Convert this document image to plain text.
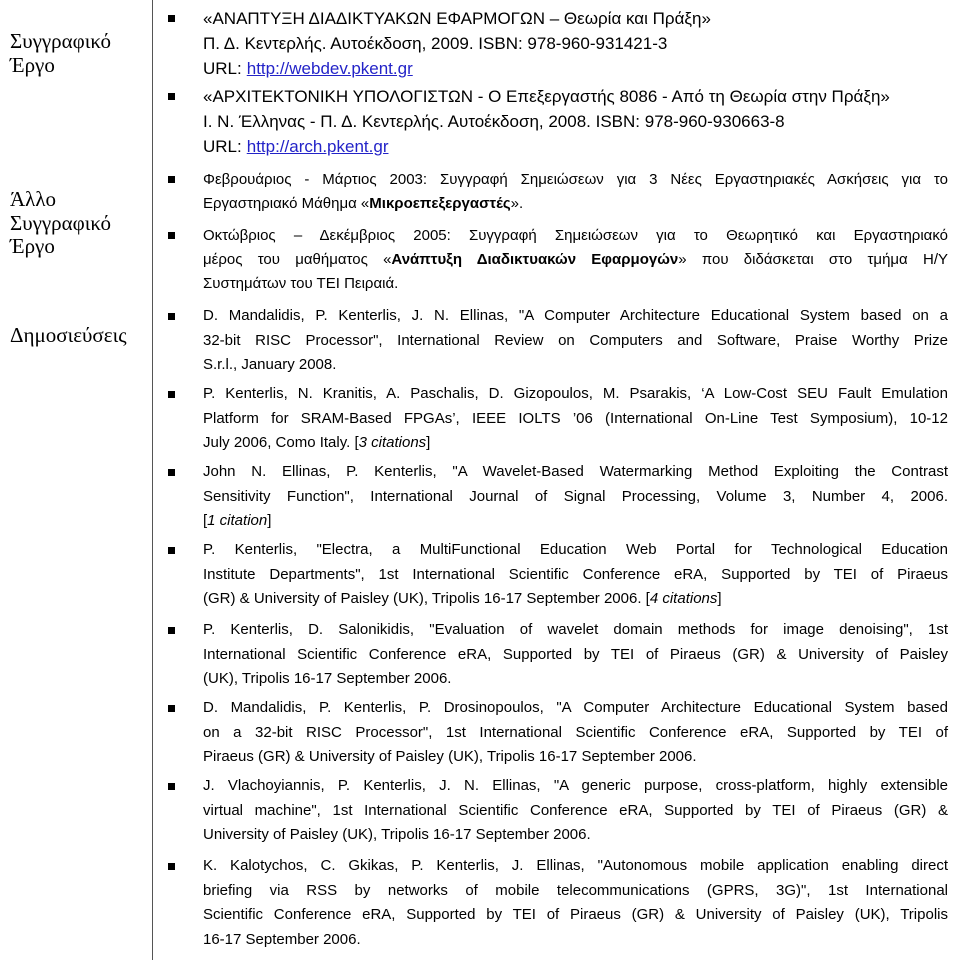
Συγγραφικό Έργο
Άλλο Συγγραφικό Έργο
Δημοσιεύσεις
«ΑΝΑΠΤΥΞΗ ΔΙΑΔΙΚΤΥΑΚΩΝ ΕΦΑΡΜΟΓΩΝ – Θεωρία και Πράξη»
Π. Δ. Κεντερλής. Αυτοέκδοση, 2009. ISBN: 978-960-931421-3
URL: http://webdev.pkent.gr
«ΑΡΧΙΤΕΚΤΟΝΙΚΗ ΥΠΟΛΟΓΙΣΤΩΝ - Ο Επεξεργαστής 8086 - Από τη Θεωρία στην Πράξη»
Ι. Ν. Έλληνας - Π. Δ. Κεντερλής. Αυτοέκδοση, 2008. ISBN: 978-960-930663-8
URL: http://arch.pkent.gr
Φεβρουάριος - Μάρτιος 2003: Συγγραφή Σημειώσεων για 3 Νέες Εργαστηριακές Ασκήσεις για το
Εργαστηριακό Μάθημα «Μικροεπεξεργαστές».
Οκτώβριος – Δεκέμβριος 2005: Συγγραφή Σημειώσεων για το Θεωρητικό και Εργαστηριακό
μέρος του μαθήματος «Ανάπτυξη Διαδικτυακών Εφαρμογών» που διδάσκεται στο τμήμα Η/Υ
Συστημάτων του ΤΕΙ Πειραιά.
D. Mandalidis, P. Kenterlis, J. N. Ellinas, "A Computer Architecture Educational System based on a
32-bit RISC Processor", International Review on Computers and Software, Praise Worthy Prize
S.r.l., January 2008.
P. Kenterlis, N. Kranitis, A. Paschalis, D. Gizopoulos, M. Psarakis, ‘A Low-Cost SEU Fault Emulation
Platform for SRAM-Based FPGAs’, IEEE IOLTS ’06 (International On-Line Test Symposium), 10-12
July 2006, Como Italy. [3 citations]
John N. Ellinas, P. Kenterlis, "A Wavelet-Based Watermarking Method Exploiting the Contrast
Sensitivity Function", International Journal of Signal Processing, Volume 3, Number 4, 2006.
[1 citation]
P. Kenterlis, "Electra, a MultiFunctional Education Web Portal for Technological Education
Institute Departments", 1st International Scientific Conference eRA, Supported by TEI of Piraeus
(GR) & University of Paisley (UK), Tripolis 16-17 September 2006. [4 citations]
P. Kenterlis, D. Salonikidis, "Evaluation of wavelet domain methods for image denoising", 1st
International Scientific Conference eRA, Supported by TEI of Piraeus (GR) & University of Paisley
(UK), Tripolis 16-17 September 2006.
D. Mandalidis, P. Kenterlis, P. Drosinopoulos, "A Computer Architecture Educational System based
on a 32-bit RISC Processor", 1st International Scientific Conference eRA, Supported by TEI of
Piraeus (GR) & University of Paisley (UK), Tripolis 16-17 September 2006.
J. Vlachoyiannis, P. Kenterlis, J. N. Ellinas, "A generic purpose, cross-platform, highly extensible
virtual machine", 1st International Scientific Conference eRA, Supported by TEI of Piraeus (GR) &
University of Paisley (UK), Tripolis 16-17 September 2006.
K. Kalotychos, C. Gkikas, P. Kenterlis, J. Ellinas, "Autonomous mobile application enabling direct
briefing via RSS by networks of mobile telecommunications (GPRS, 3G)", 1st International
Scientific Conference eRA, Supported by TEI of Piraeus (GR) & University of Paisley (UK), Tripolis
16-17 September 2006.
